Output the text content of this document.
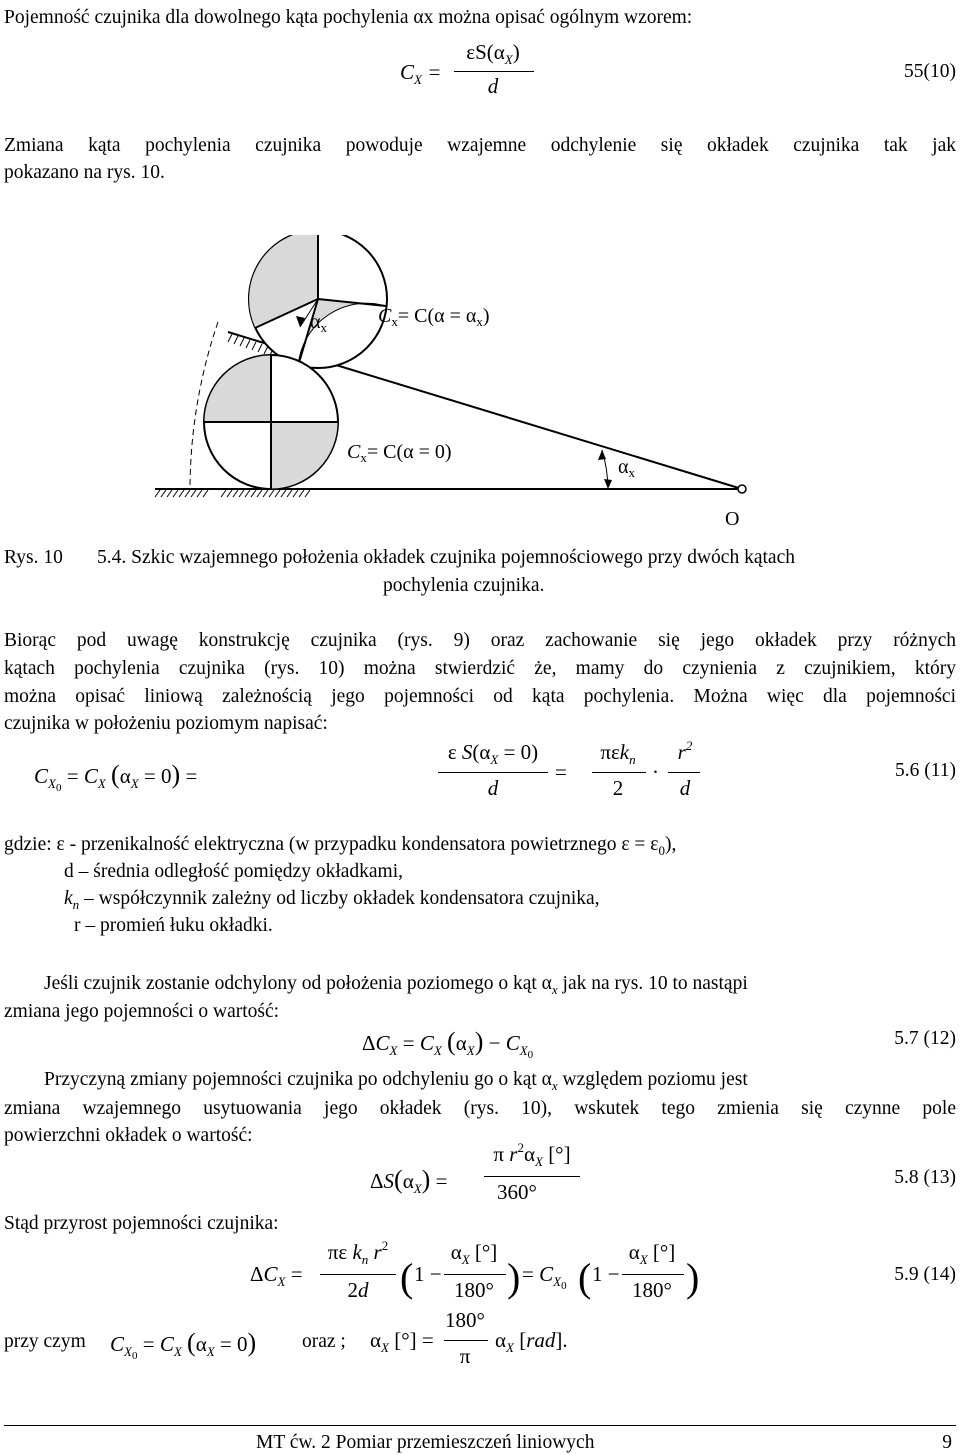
Pojemność czujnika dla dowolnego kąta pochylenia αx można opisać ogólnym wzorem:
$C_X$ =
$\varepsilon S(\alpha_X)$
d
55(10)
Zmiana kąta pochylenia czujnika powoduje wzajemne odchylenie się okładek czujnika tak jak
pokazano na rys. 10.
$\alpha_x$
$C_x= C(\alpha = \alpha_x)$
$C_x= C(\alpha = 0)$
$\alpha_x$
O
Rys. 10 5.4. Szkic wzajemnego położenia okładek czujnika pojemnościowego przy dwóch kątach
pochylenia czujnika.
Biorąc pod uwagę konstrukcję czujnika (rys. 9) oraz zachowanie się jego okładek przy różnych
kątach pochylenia czujnika (rys. 10) można stwierdzić że, mamy do czynienia z czujnikiem, który
można opisać liniową zależnością jego pojemności od kąta pochylenia. Można więc dla pojemności
czujnika w położeniu poziomym napisać:
$C_{X0} = C_X$ $(\alpha_X = 0)$ =
ε $S(\alpha_X = 0)$
d
=
πεk$_n$
2
·
$r^2$
d
5.6 (11)
gdzie: ε - przenikalność elektryczna (w przypadku kondensatora powietrznego $\varepsilon = \varepsilon_0$),
d – średnia odległość pomiędzy okładkami,
$k_n$ – współczynnik zależny od liczby okładek kondensatora czujnika,
r – promień łuku okładki.
Jeśli czujnik zostanie odchylony od położenia poziomego o kąt $\alpha_x$ jak na rys. 10 to nastąpi
zmiana jego pojemności o wartość:
$\Delta C_X = C_X$ $(\alpha_X) - C_{X0}$
5.7 (12)
Przyczyną zmiany pojemności czujnika po odchyleniu go o kąt $\alpha_x$ względem poziomu jest
zmiana wzajemnego usytuowania jego okładek (rys. 10), wskutek tego zmienia się czynne pole
powierzchni okładek o wartość:
$\Delta S(\alpha_X)$ =
π $r^2\alpha_X$ [°]
360°
5.8 (13)
Stąd przyrost pojemności czujnika:
$\Delta C_X$ =
πε $k_n$ $r^2$
2d ( 1 −
$\alpha_X$ [°]
180° ) = $C_{X0}$ ( 1 −
$\alpha_X$ [°]
180° )	5.9 (14)
przy czym $C_{X0} = C_X$ $(\alpha_X = 0)$ oraz ; $\alpha_X$ [°] =
180°
π
$\alpha_X$ [rad].
MT ćw. 2 Pomiar przemieszczeń liniowych	9
